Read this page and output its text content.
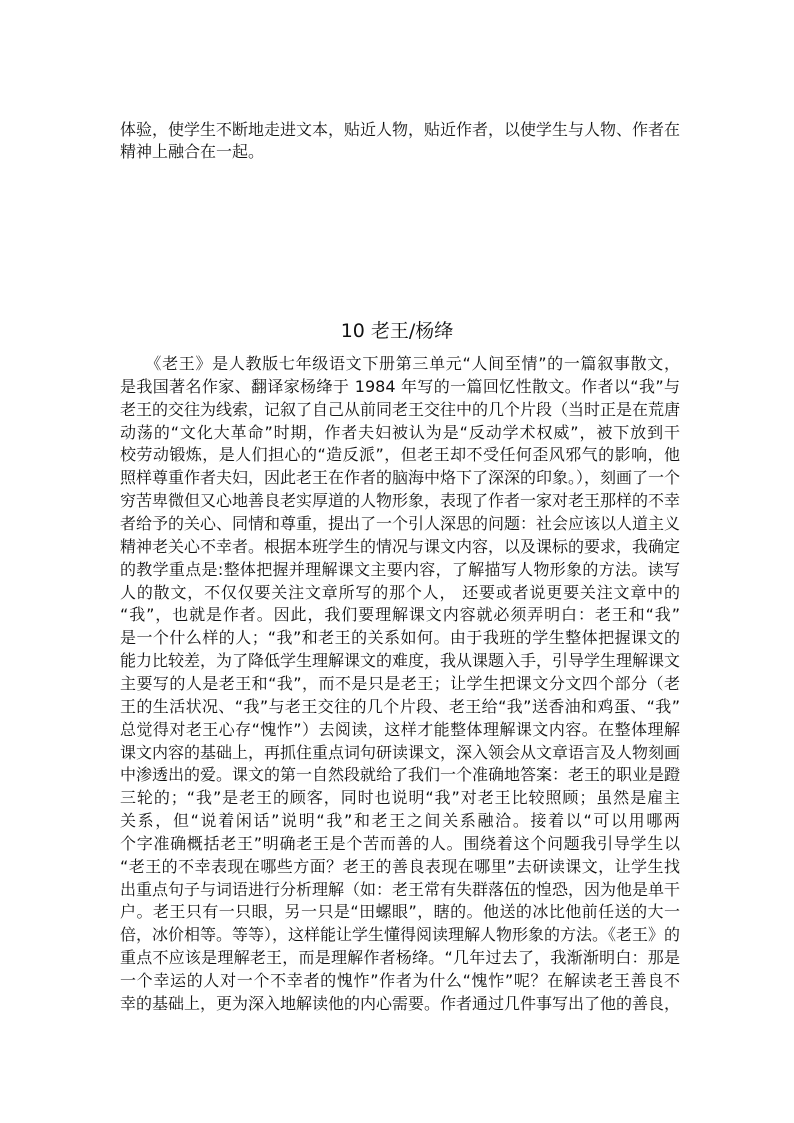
体验，使学生不断地走进文本，贴近人物，贴近作者，以使学生与人物、作者在
精神上融合在一起。
10 老王/杨绛
　　《老王》是人教版七年级语文下册第三单元“人间至情”的一篇叙事散文，
是我国著名作家、翻译家杨绛于 1984 年写的一篇回忆性散文。作者以“我”与
老王的交往为线索，记叙了自己从前同老王交往中的几个片段（当时正是在荒唐
动荡的“文化大革命”时期，作者夫妇被认为是“反动学术权威”，被下放到干
校劳动锻炼，是人们担心的“造反派”，但老王却不受任何歪风邪气的影响，他
照样尊重作者夫妇，因此老王在作者的脑海中烙下了深深的印象。），刻画了一个
穷苦卑微但又心地善良老实厚道的人物形象，表现了作者一家对老王那样的不幸
者给予的关心、同情和尊重，提出了一个引人深思的问题：社会应该以人道主义
精神老关心不幸者。根据本班学生的情况与课文内容，以及课标的要求，我确定
的教学重点是:整体把握并理解课文主要内容，了解描写人物形象的方法。读写
人的散文，不仅仅要关注文章所写的那个人， 还要或者说更要关注文章中的
“我”，也就是作者。因此，我们要理解课文内容就必须弄明白：老王和“我”
是一个什么样的人；“我”和老王的关系如何。由于我班的学生整体把握课文的
能力比较差，为了降低学生理解课文的难度，我从课题入手，引导学生理解课文
主要写的人是老王和“我”，而不是只是老王；让学生把课文分文四个部分（老
王的生活状况、“我”与老王交往的几个片段、老王给“我”送香油和鸡蛋、“我”
总觉得对老王心存“愧怍”）去阅读，这样才能整体理解课文内容。在整体理解
课文内容的基础上，再抓住重点词句研读课文，深入领会从文章语言及人物刻画
中渗透出的爱。课文的第一自然段就给了我们一个准确地答案：老王的职业是蹬
三轮的；“我”是老王的顾客，同时也说明“我”对老王比较照顾；虽然是雇主
关系，但“说着闲话”说明“我”和老王之间关系融洽。接着以“可以用哪两
个字准确概括老王”明确老王是个苦而善的人。围绕着这个问题我引导学生以
“老王的不幸表现在哪些方面？老王的善良表现在哪里”去研读课文，让学生找
出重点句子与词语进行分析理解（如：老王常有失群落伍的惶恐，因为他是单干
户。老王只有一只眼，另一只是“田螺眼”，瞎的。他送的冰比他前任送的大一
倍，冰价相等。等等），这样能让学生懂得阅读理解人物形象的方法。《老王》的
重点不应该是理解老王，而是理解作者杨绛。“几年过去了，我渐渐明白：那是
一个幸运的人对一个不幸者的愧怍”作者为什么“愧怍”呢？在解读老王善良不
幸的基础上，更为深入地解读他的内心需要。作者通过几件事写出了他的善良，
